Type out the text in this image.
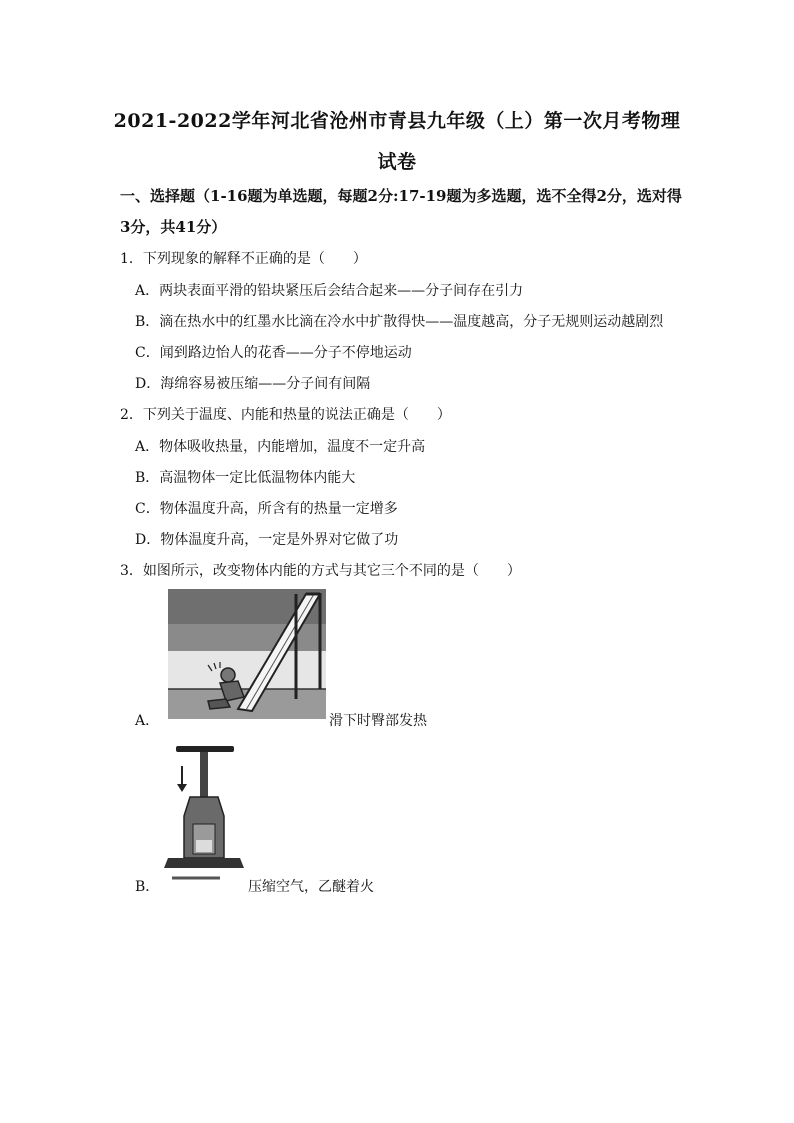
2021-2022学年河北省沧州市青县九年级（上）第一次月考物理
试卷
一、选择题（1-16题为单选题，每题2分:17-19题为多选题，选不全得2分，选对得3分，共41分）
1．下列现象的解释不正确的是（　　）
A．两块表面平滑的铅块紧压后会结合起来——分子间存在引力
B．滴在热水中的红墨水比滴在冷水中扩散得快——温度越高，分子无规则运动越剧烈
C．闻到路边怡人的花香——分子不停地运动
D．海绵容易被压缩——分子间有间隔
2．下列关于温度、内能和热量的说法正确是（　　）
A．物体吸收热量，内能增加，温度不一定升高
B．高温物体一定比低温物体内能大
C．物体温度升高，所含有的热量一定增多
D．物体温度升高，一定是外界对它做了功
3．如图所示，改变物体内能的方式与其它三个不同的是（　　）
A．	滑下时臀部发热
B．	压缩空气，乙醚着火
